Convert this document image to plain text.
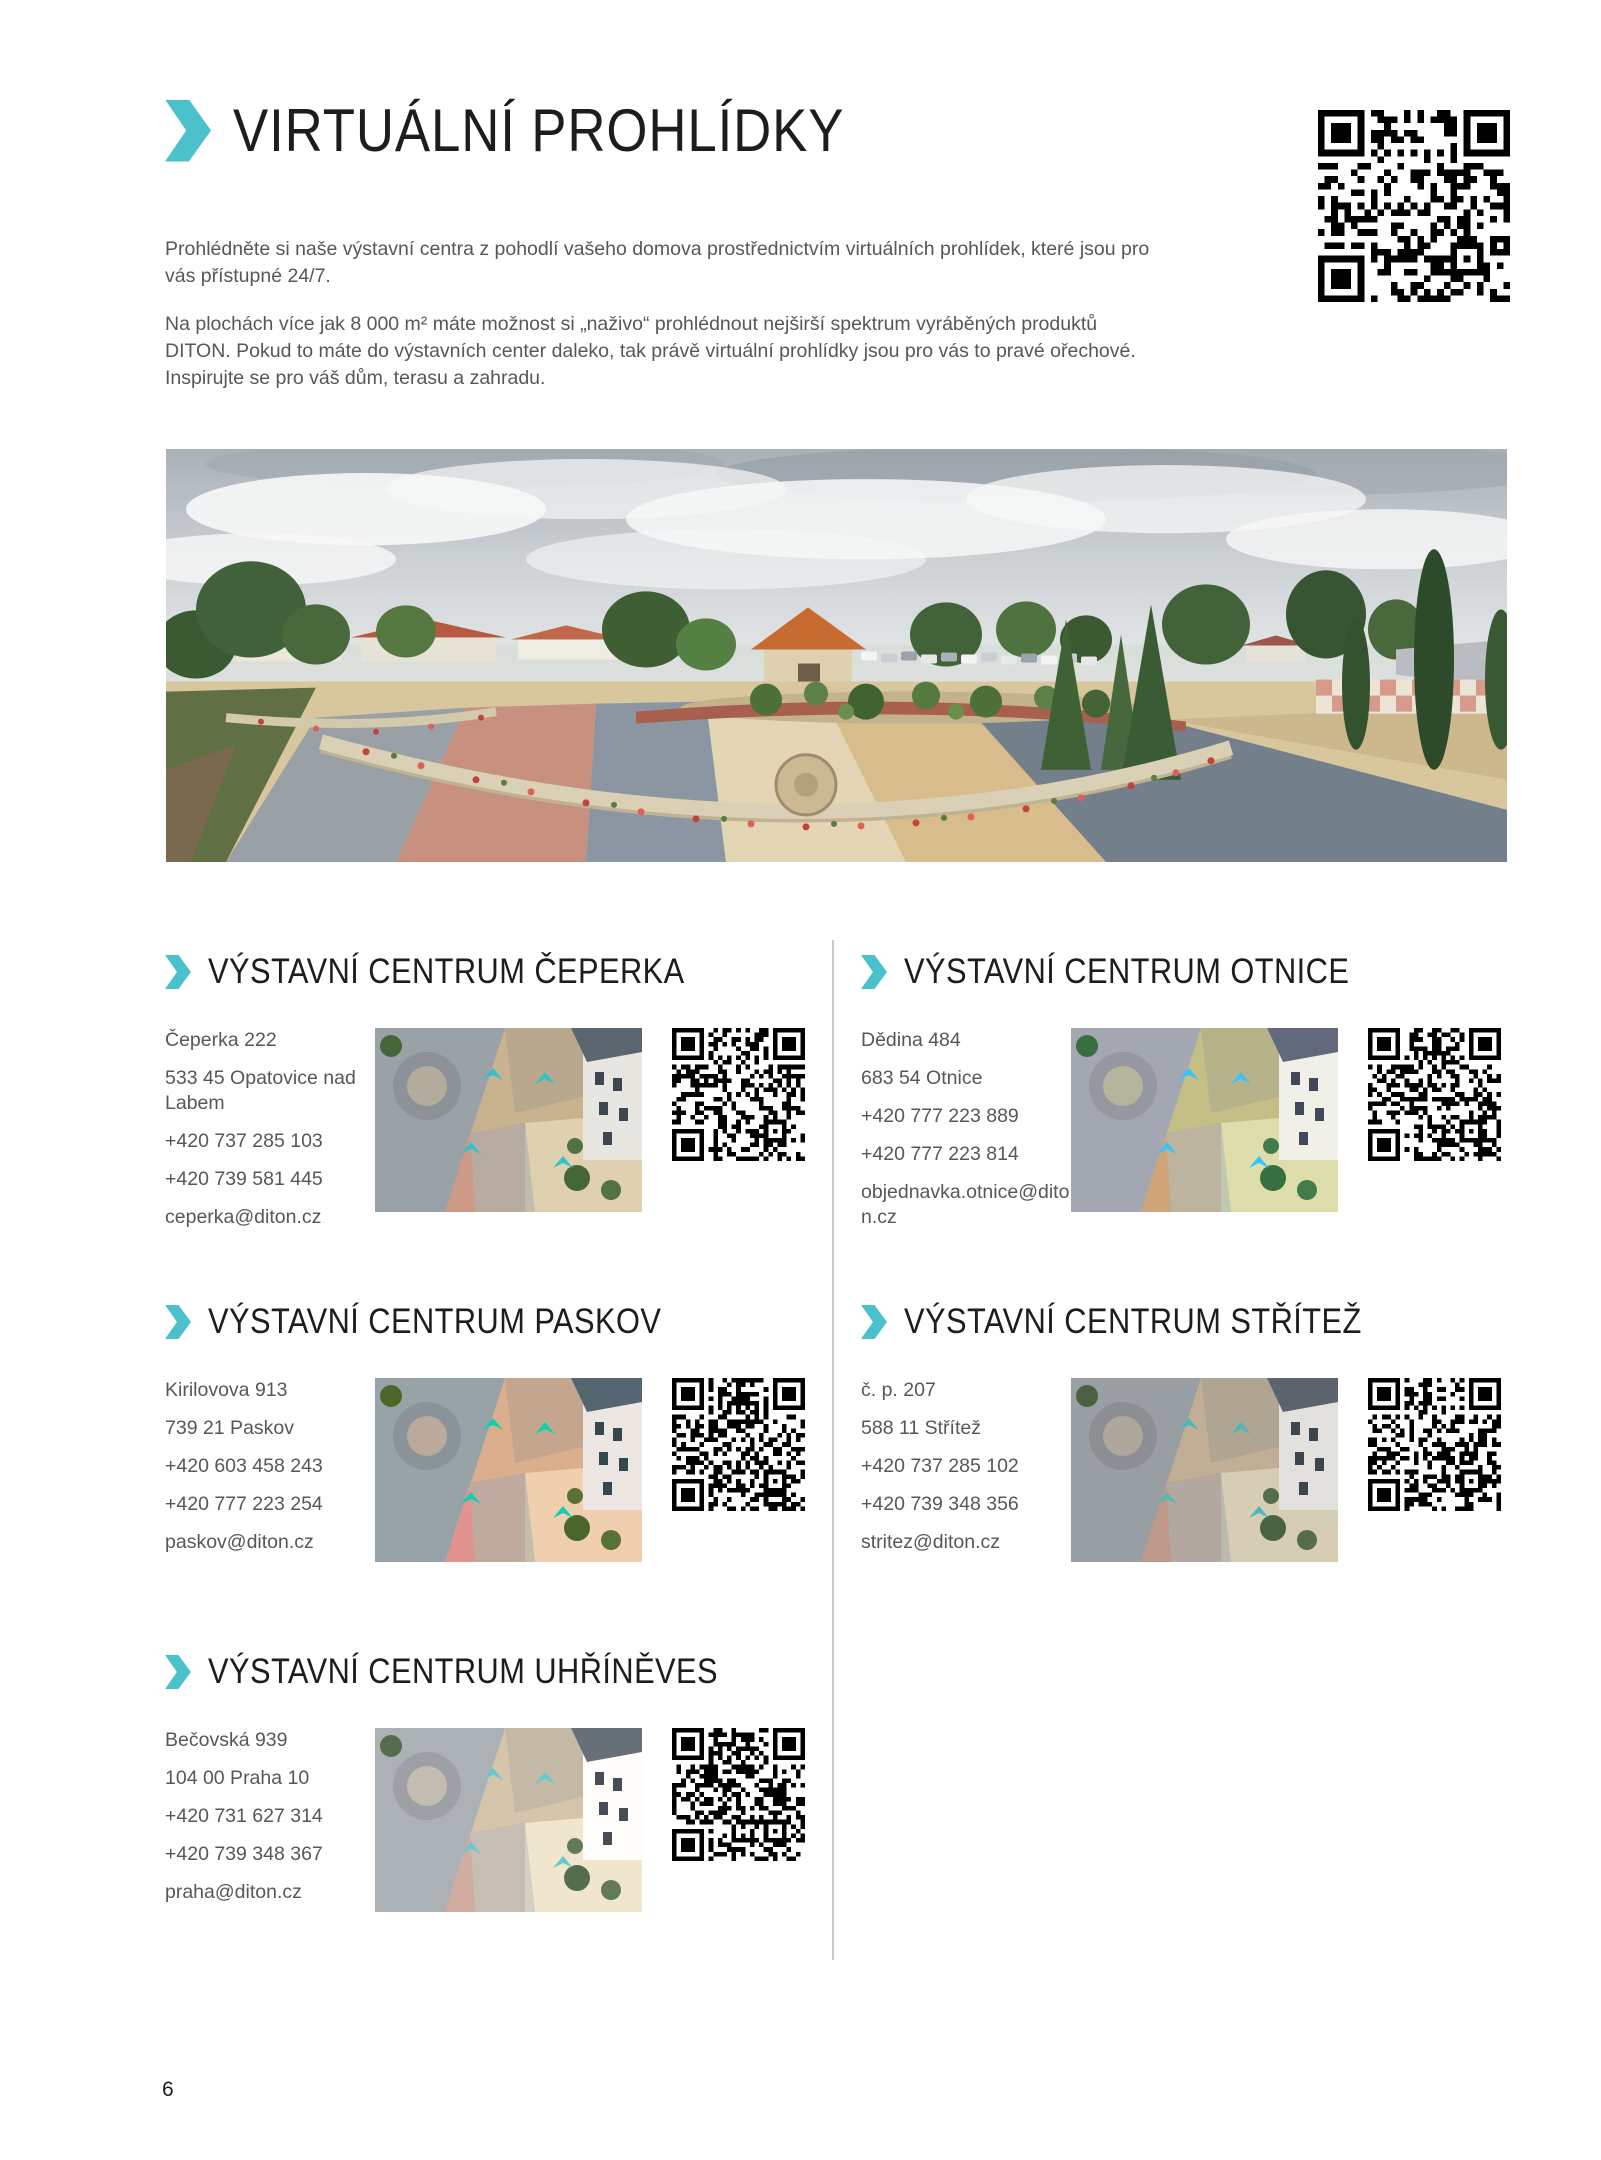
VIRTUÁLNÍ PROHLÍDKY

Prohlédněte si naše výstavní centra z pohodlí vašeho domova prostřednictvím virtuálních prohlídek, které jsou pro vás přístupné 24/7.

Na plochách více jak 8 000 m² máte možnost si „naživo“ prohlédnout nejširší spektrum vyráběných produktů DITON. Pokud to máte do výstavních center daleko, tak právě virtuální prohlídky jsou pro vás to pravé ořechové. Inspirujte se pro váš dům, terasu a zahradu.

VÝSTAVNÍ CENTRUM ČEPERKA

Čeperka 222

533 45 Opatovice nad Labem

+420 737 285 103

+420 739 581 445

ceperka@diton.cz

VÝSTAVNÍ CENTRUM PASKOV

Kirilovova 913

739 21 Paskov

+420 603 458 243

+420 777 223 254

paskov@diton.cz

VÝSTAVNÍ CENTRUM UHŘÍNĚVES

Bečovská 939

104 00 Praha 10

+420 731 627 314

+420 739 348 367

praha@diton.cz

VÝSTAVNÍ CENTRUM OTNICE

Dědina 484

683 54 Otnice

+420 777 223 889

+420 777 223 814

objednavka.otnice@diton.cz

VÝSTAVNÍ CENTRUM STŘÍTEŽ

č. p. 207

588 11 Střítež

+420 737 285 102

+420 739 348 356

stritez@diton.cz

6
